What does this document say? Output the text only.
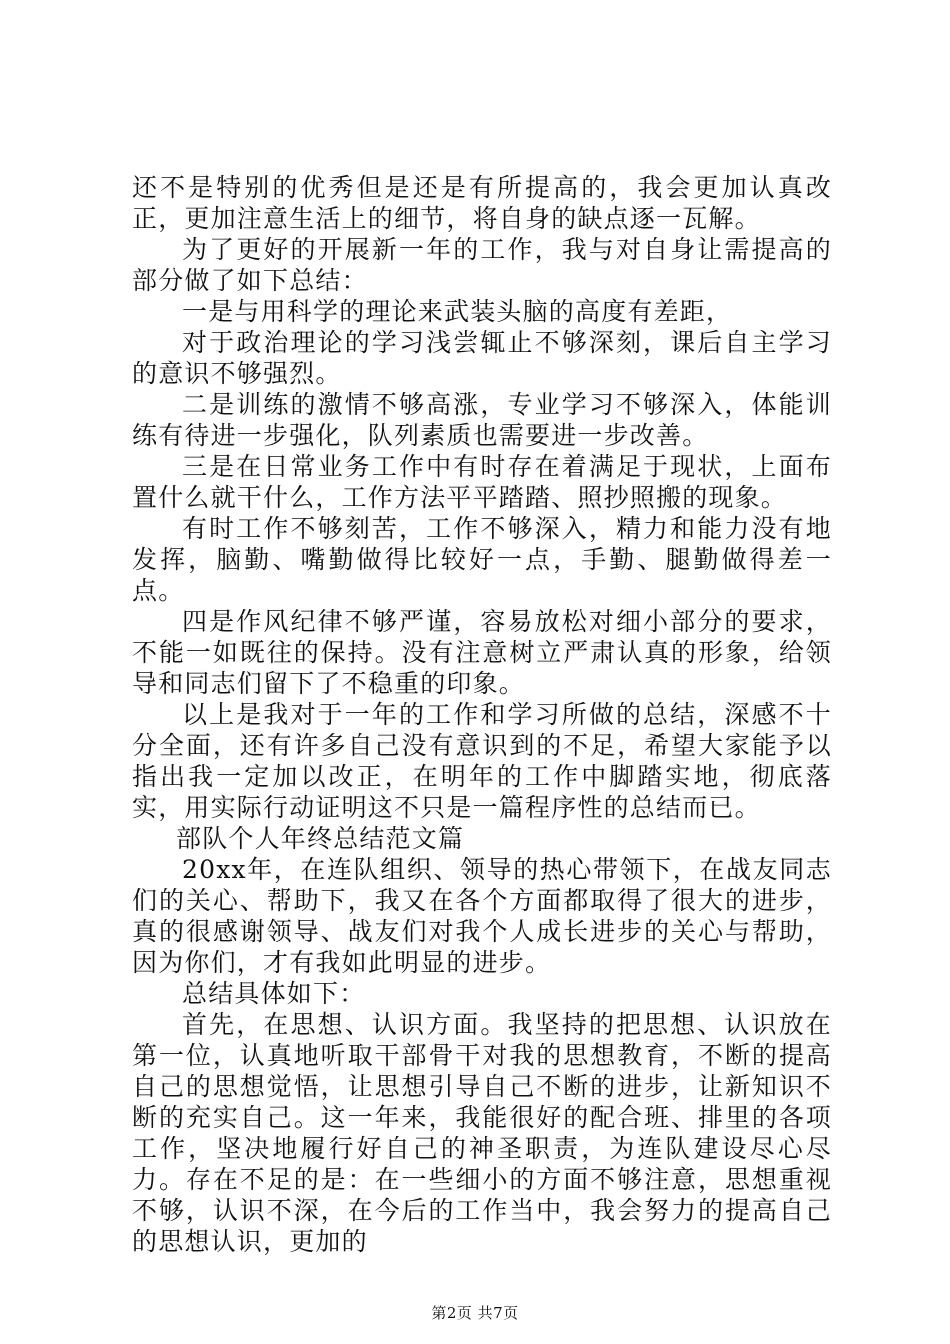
还不是特别的优秀但是还是有所提高的，我会更加认真改正，更加注意生活上的细节，将自身的缺点逐一瓦解。

为了更好的开展新一年的工作，我与对自身让需提高的部分做了如下总结：

一是与用科学的理论来武装头脑的高度有差距，

对于政治理论的学习浅尝辄止不够深刻，课后自主学习的意识不够强烈。

二是训练的激情不够高涨，专业学习不够深入，体能训练有待进一步强化，队列素质也需要进一步改善。

三是在日常业务工作中有时存在着满足于现状，上面布置什么就干什么，工作方法平平踏踏、照抄照搬的现象。

有时工作不够刻苦，工作不够深入，精力和能力没有地发挥，脑勤、嘴勤做得比较好一点，手勤、腿勤做得差一点。

四是作风纪律不够严谨，容易放松对细小部分的要求，不能一如既往的保持。没有注意树立严肃认真的形象，给领导和同志们留下了不稳重的印象。

以上是我对于一年的工作和学习所做的总结，深感不十分全面，还有许多自己没有意识到的不足，希望大家能予以指出我一定加以改正，在明年的工作中脚踏实地，彻底落实，用实际行动证明这不只是一篇程序性的总结而已。

部队个人年终总结范文篇

20xx年，在连队组织、领导的热心带领下，在战友同志们的关心、帮助下，我又在各个方面都取得了很大的进步，真的很感谢领导、战友们对我个人成长进步的关心与帮助，因为你们，才有我如此明显的进步。

总结具体如下：

首先，在思想、认识方面。我坚持的把思想、认识放在第一位，认真地听取干部骨干对我的思想教育，不断的提高自己的思想觉悟，让思想引导自己不断的进步，让新知识不断的充实自己。这一年来，我能很好的配合班、排里的各项工作，坚决地履行好自己的神圣职责，为连队建设尽心尽力。存在不足的是：在一些细小的方面不够注意，思想重视不够，认识不深，在今后的工作当中，我会努力的提高自己的思想认识，更加的

第2页 共7页
